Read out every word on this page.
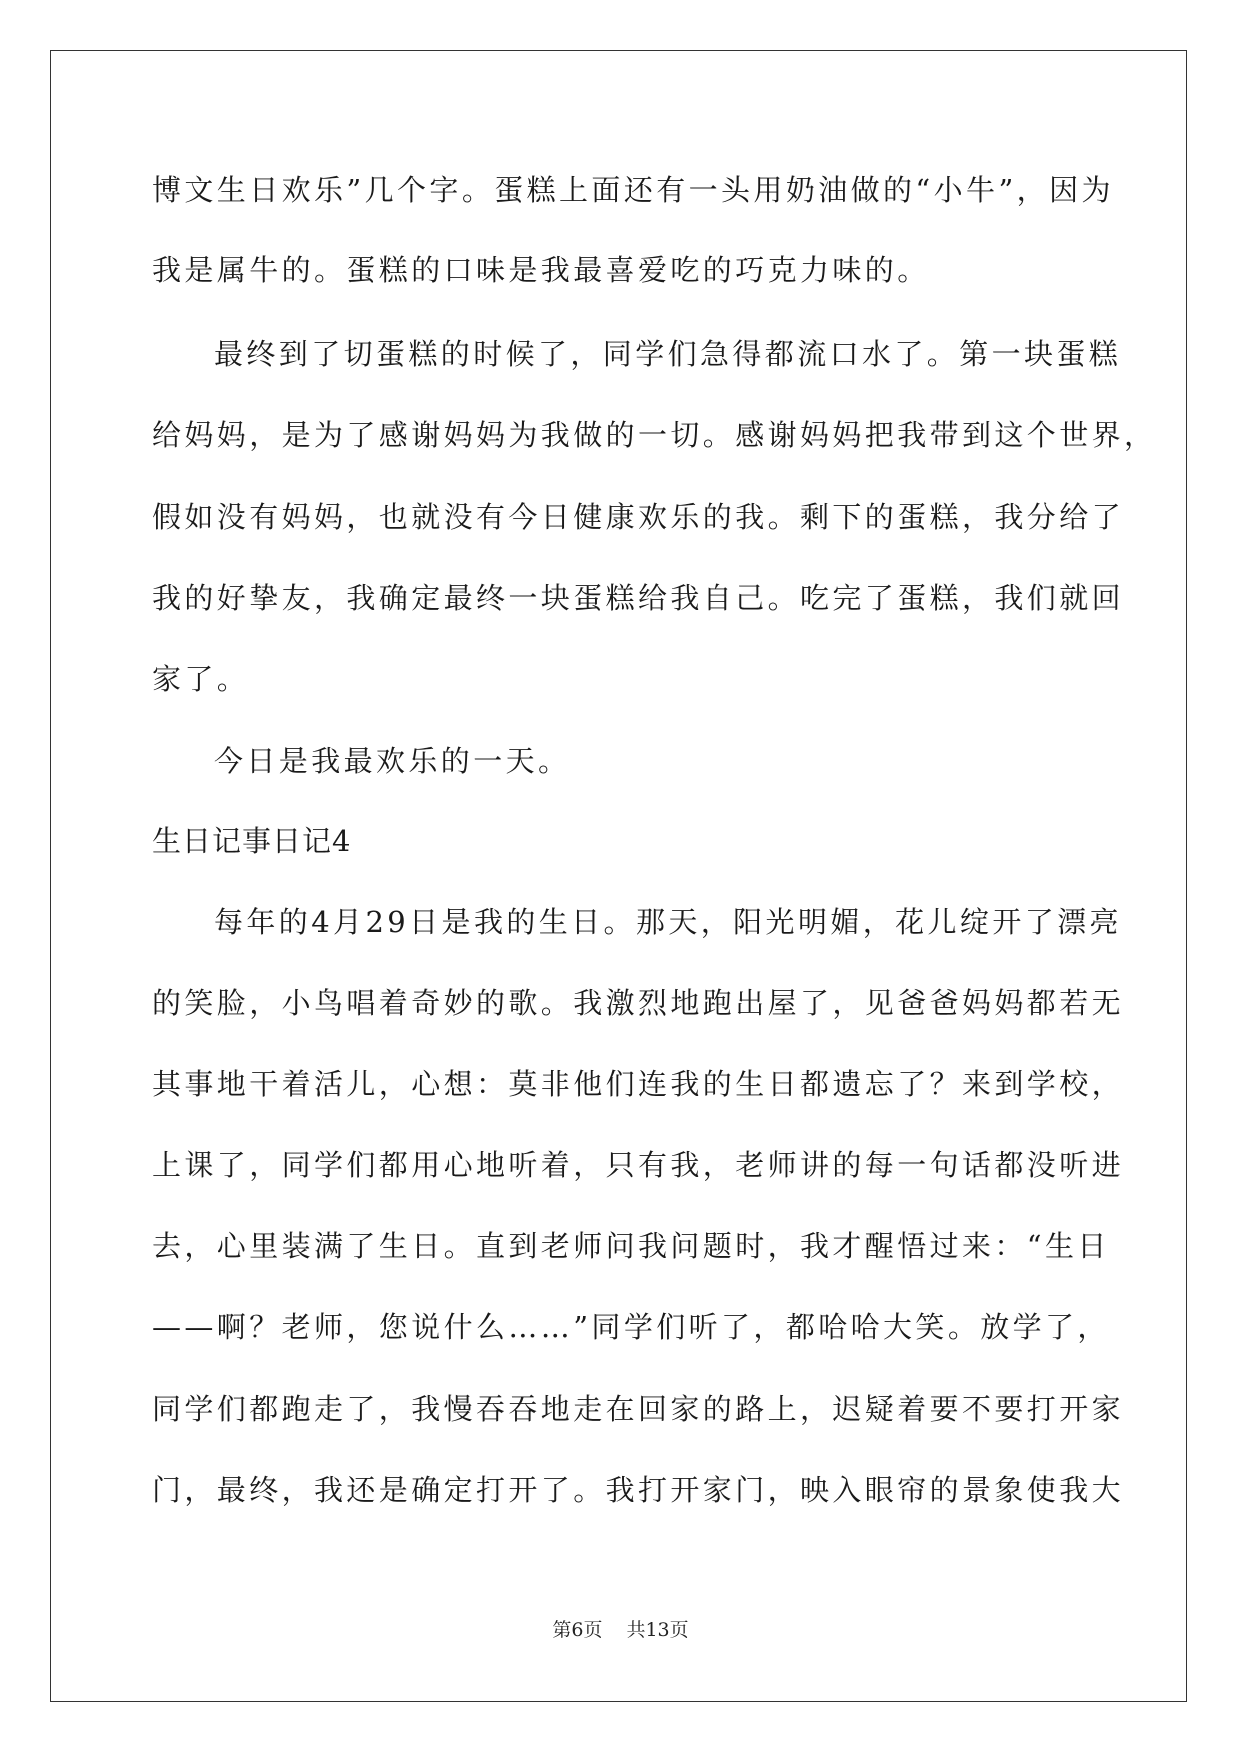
博文生日欢乐”几个字。蛋糕上面还有一头用奶油做的“小牛”，因为
我是属牛的。蛋糕的口味是我最喜爱吃的巧克力味的。
最终到了切蛋糕的时候了，同学们急得都流口水了。第一块蛋糕
给妈妈，是为了感谢妈妈为我做的一切。感谢妈妈把我带到这个世界，
假如没有妈妈，也就没有今日健康欢乐的我。剩下的蛋糕，我分给了
我的好挚友，我确定最终一块蛋糕给我自己。吃完了蛋糕，我们就回
家了。
今日是我最欢乐的一天。
生日记事日记4
每年的4月29日是我的生日。那天，阳光明媚，花儿绽开了漂亮
的笑脸，小鸟唱着奇妙的歌。我激烈地跑出屋了，见爸爸妈妈都若无
其事地干着活儿，心想：莫非他们连我的生日都遗忘了？来到学校，
上课了，同学们都用心地听着，只有我，老师讲的每一句话都没听进
去，心里装满了生日。直到老师问我问题时，我才醒悟过来：“生日
——啊？老师，您说什么……”同学们听了，都哈哈大笑。放学了，
同学们都跑走了，我慢吞吞地走在回家的路上，迟疑着要不要打开家
门，最终，我还是确定打开了。我打开家门，映入眼帘的景象使我大
第6页 共13页
